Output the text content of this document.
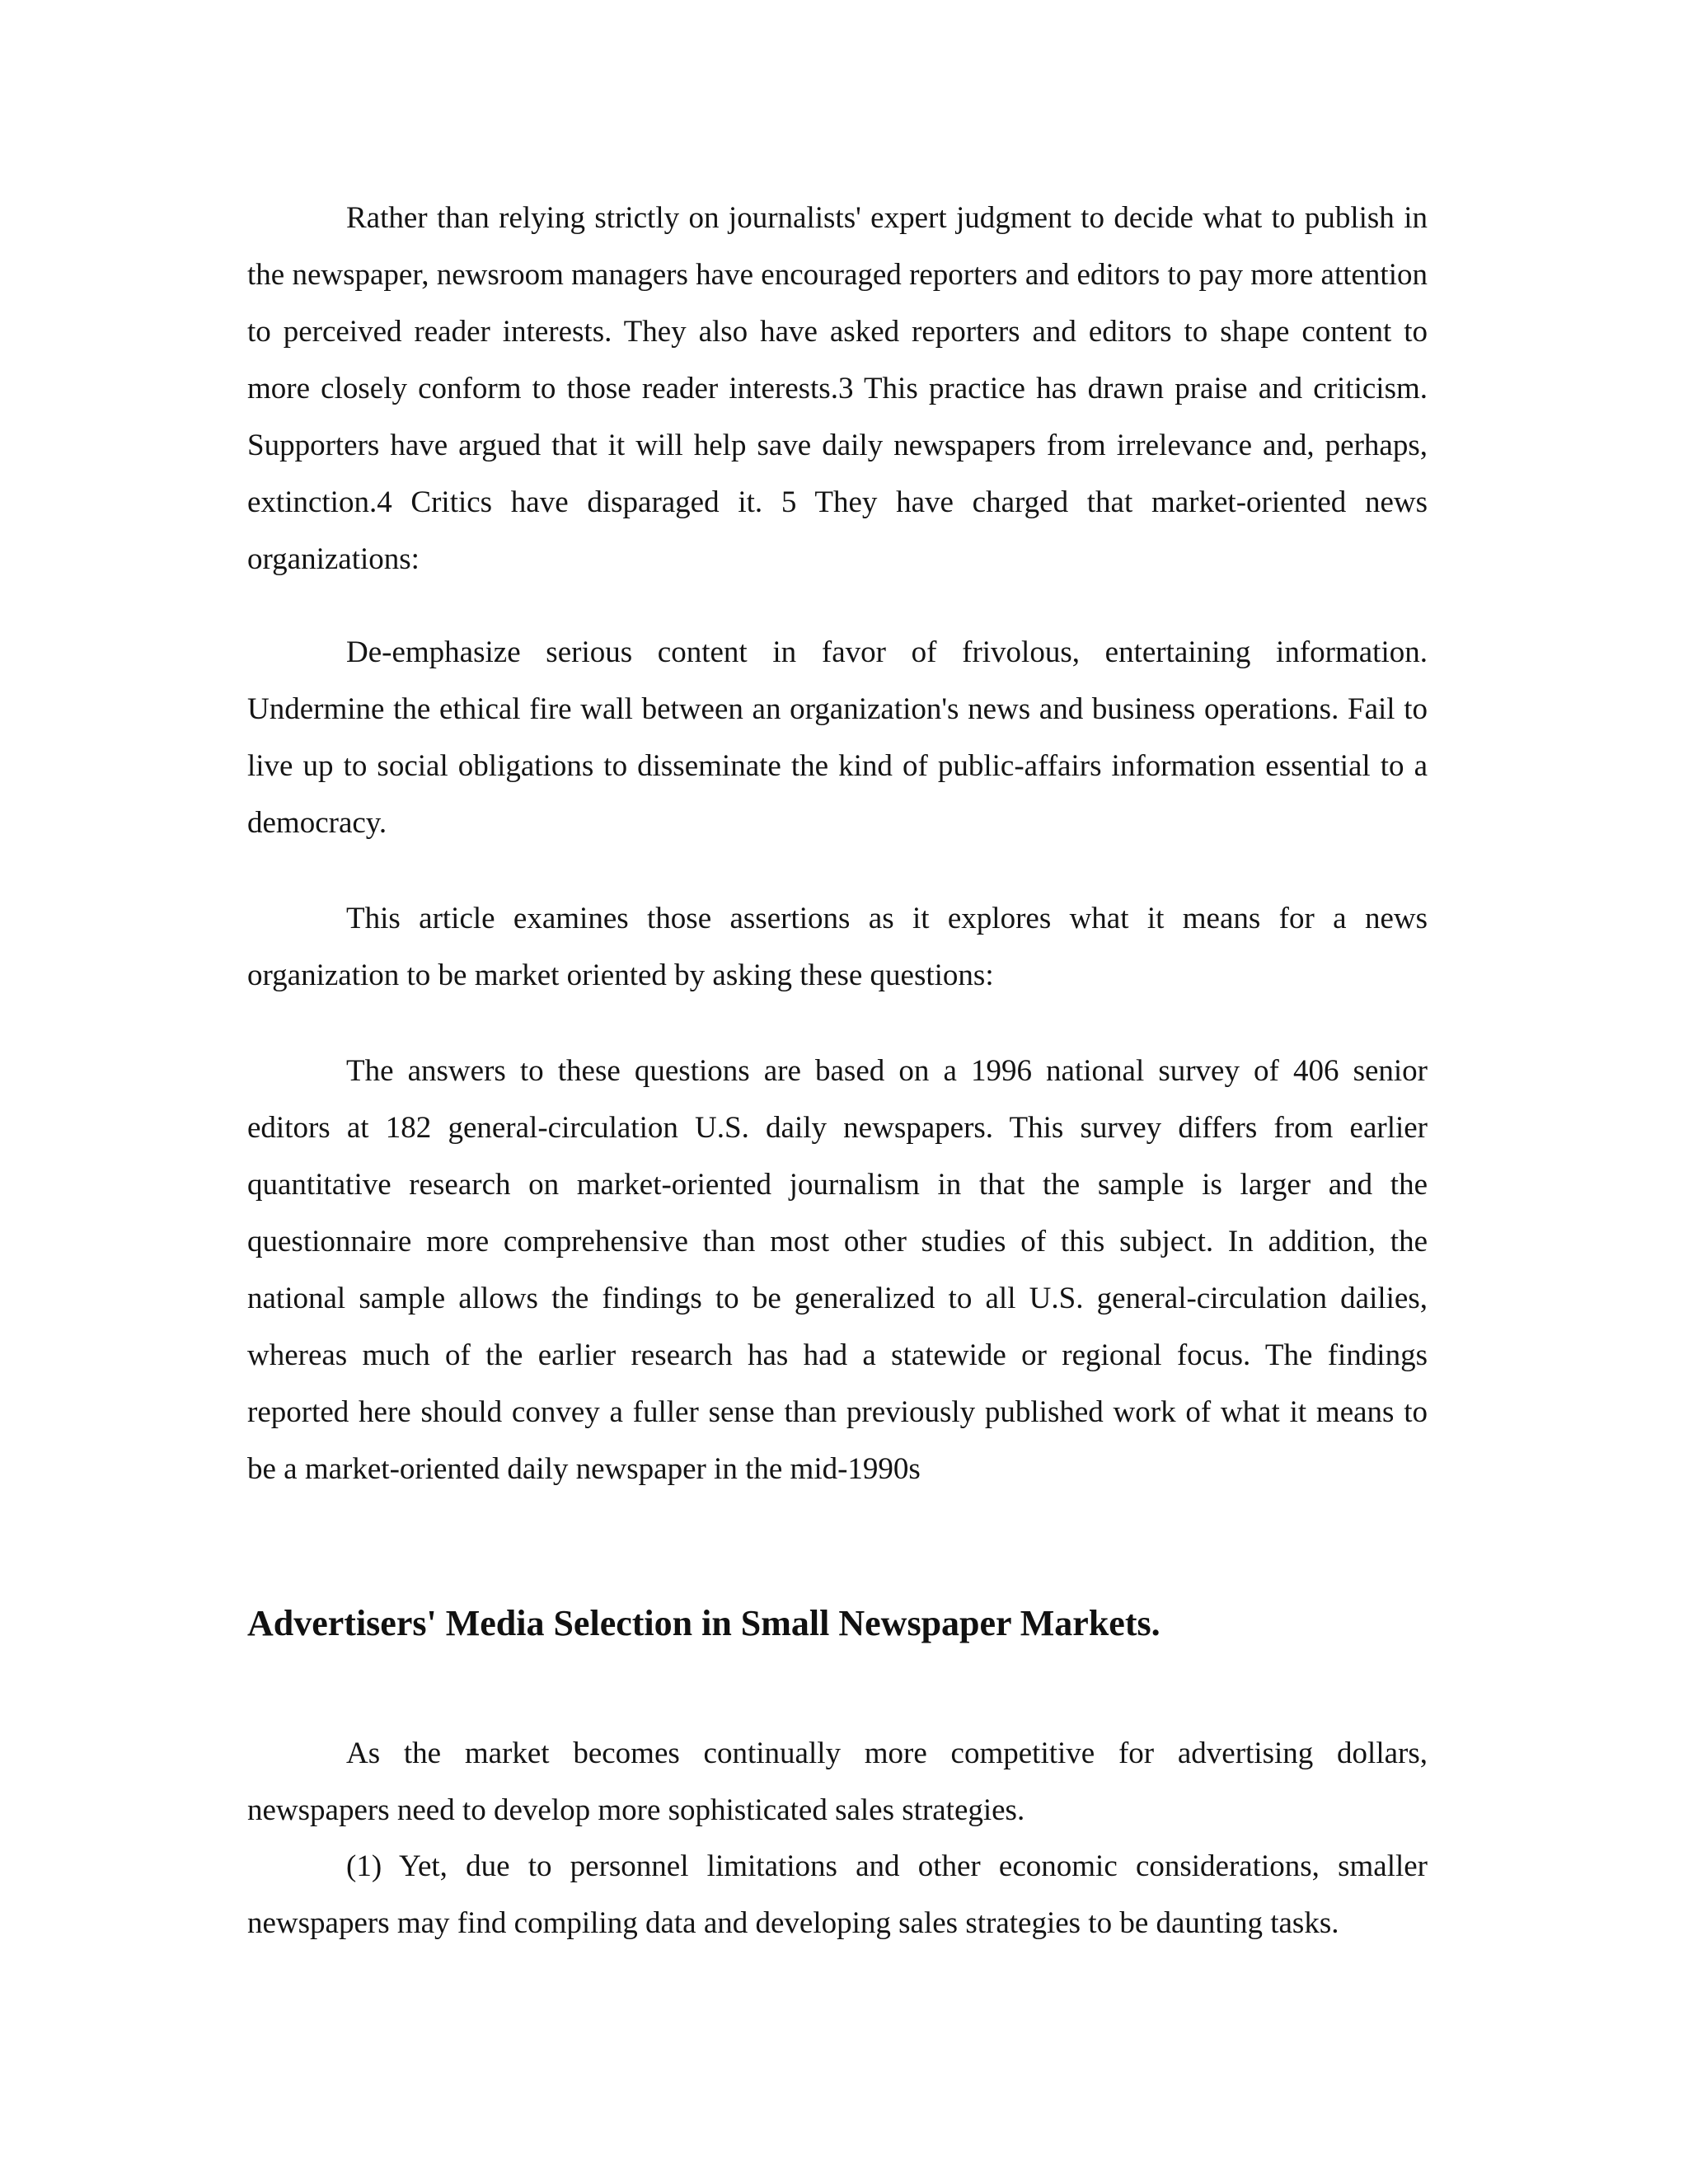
Rather than relying strictly on journalists' expert judgment to decide what to publish in the newspaper, newsroom managers have encouraged reporters and editors to pay more attention to perceived reader interests. They also have asked reporters and editors to shape content to more closely conform to those reader interests.3 This practice has drawn praise and criticism. Supporters have argued that it will help save daily newspapers from irrelevance and, perhaps, extinction.4 Critics have disparaged it. 5 They have charged that market-oriented news organizations:

De-emphasize serious content in favor of frivolous, entertaining information. Undermine the ethical fire wall between an organization's news and business operations. Fail to live up to social obligations to disseminate the kind of public-affairs information essential to a democracy.

This article examines those assertions as it explores what it means for a news organization to be market oriented by asking these questions:

The answers to these questions are based on a 1996 national survey of 406 senior editors at 182 general-circulation U.S. daily newspapers. This survey differs from earlier quantitative research on market-oriented journalism in that the sample is larger and the questionnaire more comprehensive than most other studies of this subject. In addition, the national sample allows the findings to be generalized to all U.S. general-circulation dailies, whereas much of the earlier research has had a statewide or regional focus. The findings reported here should convey a fuller sense than previously published work of what it means to be a market-oriented daily newspaper in the mid-1990s

Advertisers' Media Selection in Small Newspaper Markets.

As the market becomes continually more competitive for advertising dollars, newspapers need to develop more sophisticated sales strategies.

(1) Yet, due to personnel limitations and other economic considerations, smaller newspapers may find compiling data and developing sales strategies to be daunting tasks.
